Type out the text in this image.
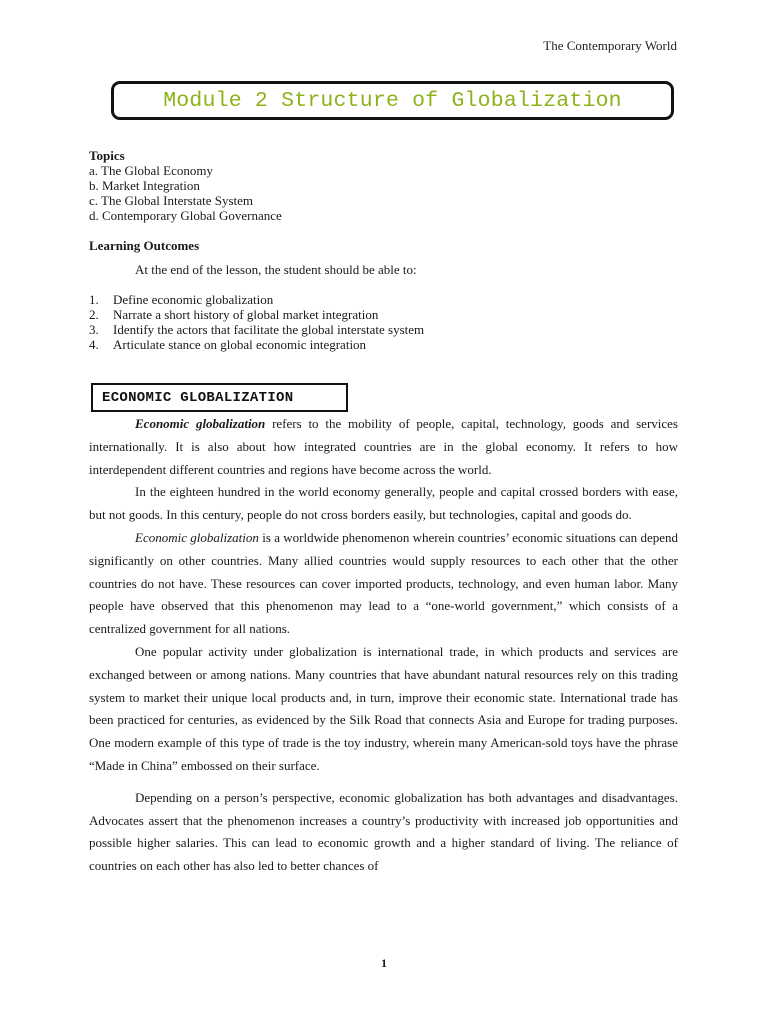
The Contemporary World
Module 2 Structure of Globalization
Topics
a. The Global Economy
b. Market Integration
c. The Global Interstate System
d. Contemporary Global Governance
Learning Outcomes
At the end of the lesson, the student should be able to:
1.	Define economic globalization
2.	Narrate a short history of global market integration
3.	Identify the actors that facilitate the global interstate system
4.	Articulate stance on global economic integration
ECONOMIC GLOBALIZATION

Economic globalization refers to the mobility of people, capital, technology, goods and services internationally. It is also about how integrated countries are in the global economy. It refers to how interdependent different countries and regions have become across the world.

In the eighteen hundred in the world economy generally, people and capital crossed borders with ease, but not goods. In this century, people do not cross borders easily, but technologies, capital and goods do.

Economic globalization is a worldwide phenomenon wherein countries’ economic situations can depend significantly on other countries. Many allied countries would supply resources to each other that the other countries do not have. These resources can cover imported products, technology, and even human labor. Many people have observed that this phenomenon may lead to a “one-world government,” which consists of a centralized government for all nations.

One popular activity under globalization is international trade, in which products and services are exchanged between or among nations. Many countries that have abundant natural resources rely on this trading system to market their unique local products and, in turn, improve their economic state. International trade has been practiced for centuries, as evidenced by the Silk Road that connects Asia and Europe for trading purposes. One modern example of this type of trade is the toy industry, wherein many American-sold toys have the phrase “Made in China” embossed on their surface.

Depending on a person’s perspective, economic globalization has both advantages and disadvantages. Advocates assert that the phenomenon increases a country’s productivity with increased job opportunities and possible higher salaries. This can lead to economic growth and a higher standard of living. The reliance of countries on each other has also led to better chances of

1
